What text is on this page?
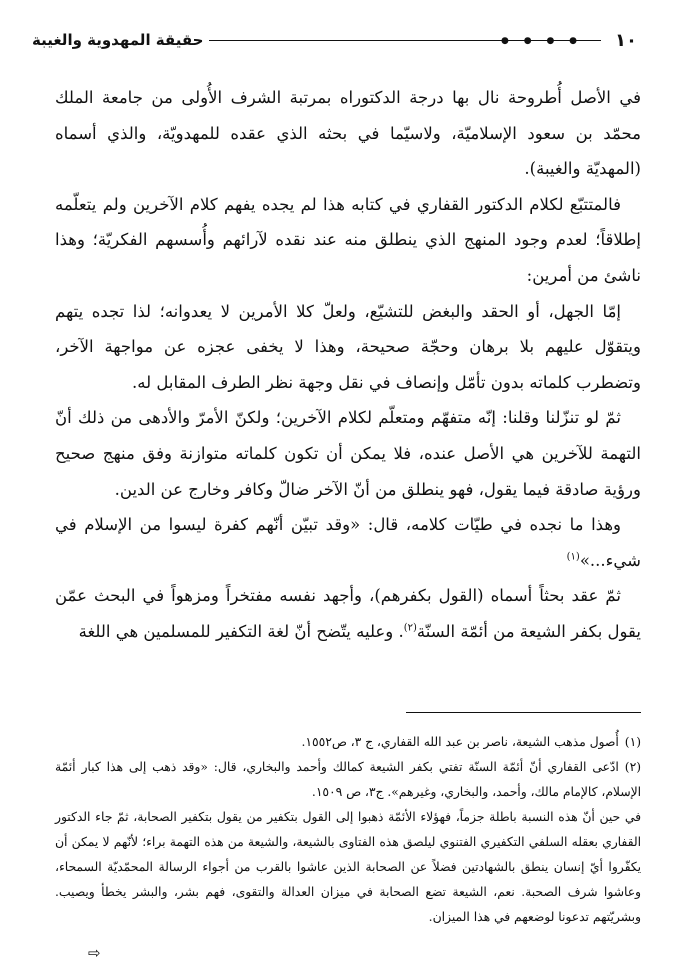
١٠
● ● ● ●
حقيقة المهدوية والغيبة

في الأصل أُطروحة نال بها درجة الدكتوراه بمرتبة الشرف الأُولى من جامعة الملك محمّد بن سعود الإسلاميّة، ولاسيّما في بحثه الذي عقده للمهدويّة، والذي أسماه (المهديّة والغيبة).

فالمتتبّع لكلام الدكتور القفاري في كتابه هذا لم يجده يفهم كلام الآخرين ولم يتعلّمه إطلاقاً؛ لعدم وجود المنهج الذي ينطلق منه عند نقده لآرائهم وأُسسهم الفكريّة؛ وهذا ناشئ من أمرين:

إمّا الجهل، أو الحقد والبغض للتشيّع، ولعلّ كلا الأمرين لا يعدوانه؛ لذا تجده يتهم ويتقوّل عليهم بلا برهان وحجّة صحيحة، وهذا لا يخفى عجزه عن مواجهة الآخر، وتضطرب كلماته بدون تأمّل وإنصاف في نقل وجهة نظر الطرف المقابل له.

ثمّ لو تنزّلنا وقلنا: إنّه متفهّم ومتعلّم لكلام الآخرين؛ ولكنّ الأمرّ والأدهى من ذلك أنّ التهمة للآخرين هي الأصل عنده، فلا يمكن أن تكون كلماته متوازنة وفق منهج صحيح ورؤية صادقة فيما يقول، فهو ينطلق من أنّ الآخر ضالّ وكافر وخارج عن الدين.

وهذا ما نجده في طيّات كلامه، قال: «وقد تبيّن أنّهم كفرة ليسوا من الإسلام في شيء...»$^{(١)}$

ثمّ عقد بحثاً أسماه (القول بكفرهم)، وأجهد نفسه مفتخراً ومزهواً في البحث عمّن يقول بكفر الشيعة من أئمّة السنّة$^{(٢)}$. وعليه يتّضح أنّ لغة التكفير للمسلمين هي اللغة

(١)أُصول مذهب الشيعة، ناصر بن عبد الله القفاري، ج ٣، ص١٥٥٢.

(٢)ادّعى القفاري أنّ أئمّة السنّة تفتي بكفر الشيعة كمالك وأحمد والبخاري، قال: «وقد ذهب إلى هذا كبار أئمّة الإسلام، كالإمام مالك، وأحمد، والبخاري، وغيرهم». ج٣، ص ١٥٠٩.

في حين أنّ هذه النسبة باطلة جزماً، فهؤلاء الأئمّة ذهبوا إلى القول بتكفير من يقول بتكفير الصحابة، ثمّ جاء الدكتور القفاري بعقله السلفي التكفيري الفتنوي ليلصق هذه الفتاوى بالشيعة، والشيعة من هذه التهمة براء؛ لأنّهم لا يمكن أن يكفّروا أيّ إنسان ينطق بالشهادتين فضلاً عن الصحابة الذين عاشوا بالقرب من أجواء الرسالة المحمّديّة السمحاء، وعاشوا شرف الصحبة. نعم، الشيعة تضع الصحابة في ميزان العدالة والتقوى، فهم بشر، والبشر يخطأ ويصيب. وبشريّتهم تدعونا لوضعهم في هذا الميزان.

⇨
